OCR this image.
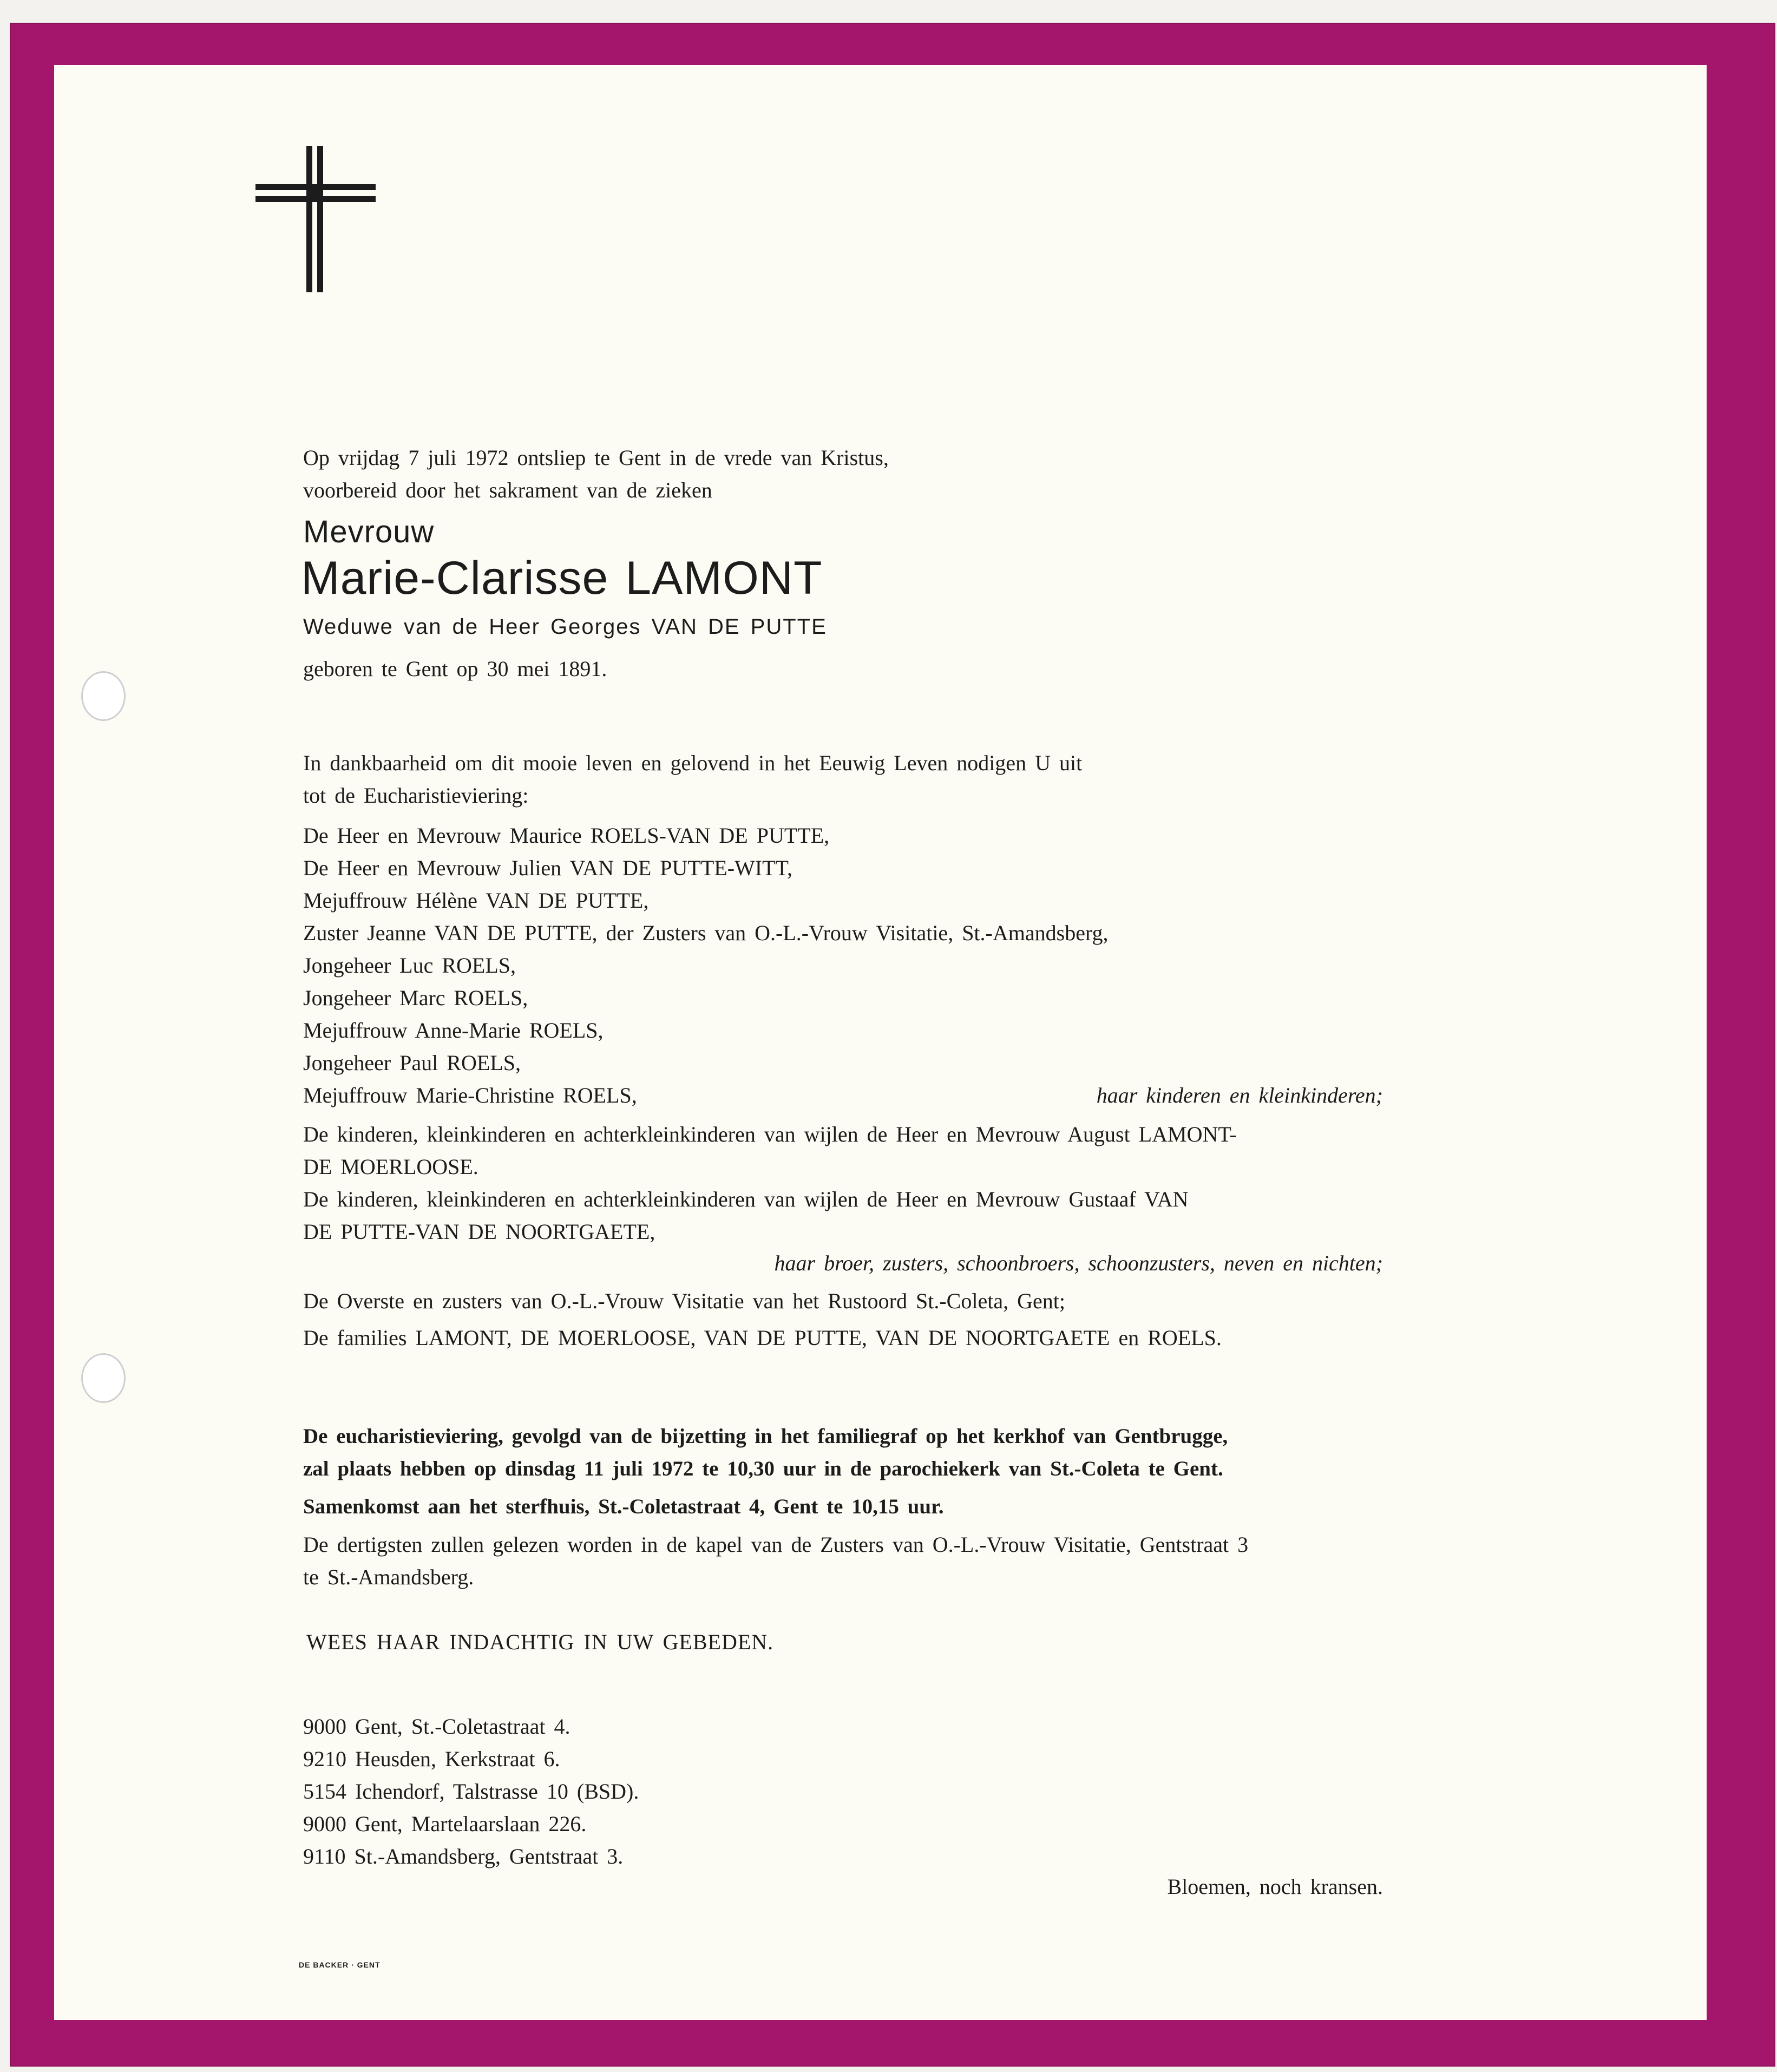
Op vrijdag 7 juli 1972 ontsliep te Gent in de vrede van Kristus,
voorbereid door het sakrament van de zieken
Mevrouw
Marie-Clarisse LAMONT
Weduwe van de Heer Georges VAN DE PUTTE
geboren te Gent op 30 mei 1891.
In dankbaarheid om dit mooie leven en gelovend in het Eeuwig Leven nodigen U uit
tot de Eucharistieviering:
De Heer en Mevrouw Maurice ROELS-VAN DE PUTTE,
De Heer en Mevrouw Julien VAN DE PUTTE-WITT,
Mejuffrouw Hélène VAN DE PUTTE,
Zuster Jeanne VAN DE PUTTE, der Zusters van O.-L.-Vrouw Visitatie, St.-Amandsberg,
Jongeheer Luc ROELS,
Jongeheer Marc ROELS,
Mejuffrouw Anne-Marie ROELS,
Jongeheer Paul ROELS,
Mejuffrouw Marie-Christine ROELS,	haar kinderen en kleinkinderen;
De kinderen, kleinkinderen en achterkleinkinderen van wijlen de Heer en Mevrouw August LAMONT-
DE MOERLOOSE.
De kinderen, kleinkinderen en achterkleinkinderen van wijlen de Heer en Mevrouw Gustaaf VAN
DE PUTTE-VAN DE NOORTGAETE,
haar broer, zusters, schoonbroers, schoonzusters, neven en nichten;
De Overste en zusters van O.-L.-Vrouw Visitatie van het Rustoord St.-Coleta, Gent;
De families LAMONT, DE MOERLOOSE, VAN DE PUTTE, VAN DE NOORTGAETE en ROELS.
De eucharistieviering, gevolgd van de bijzetting in het familiegraf op het kerkhof van Gentbrugge,
zal plaats hebben op dinsdag 11 juli 1972 te 10,30 uur in de parochiekerk van St.-Coleta te Gent.
Samenkomst aan het sterfhuis, St.-Coletastraat 4, Gent te 10,15 uur.
De dertigsten zullen gelezen worden in de kapel van de Zusters van O.-L.-Vrouw Visitatie, Gentstraat 3
te St.-Amandsberg.
WEES HAAR INDACHTIG IN UW GEBEDEN.
9000 Gent, St.-Coletastraat 4.
9210 Heusden, Kerkstraat 6.
5154 Ichendorf, Talstrasse 10 (BSD).
9000 Gent, Martelaarslaan 226.
9110 St.-Amandsberg, Gentstraat 3.
Bloemen, noch kransen.
DE BACKER · GENT
